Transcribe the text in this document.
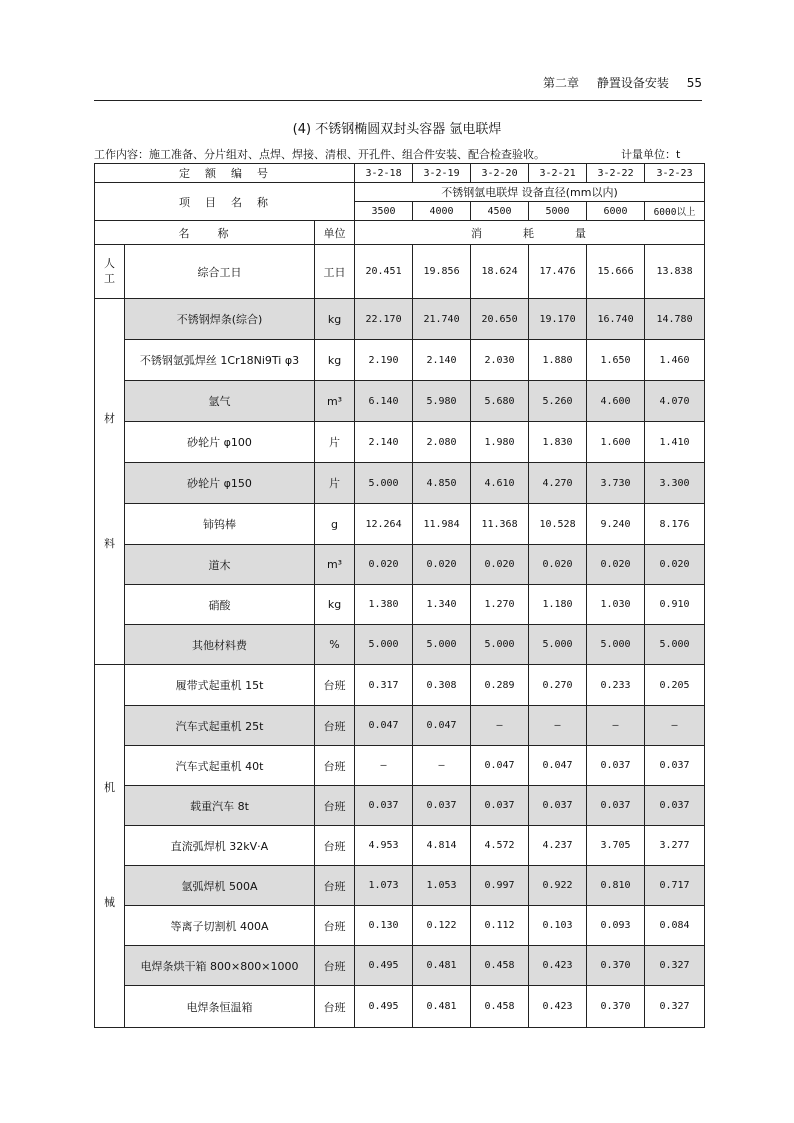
第二章 静置设备安装 55
(4) 不锈钢椭圆双封头容器 氩电联焊
工作内容：施工准备、分片组对、点焊、焊接、清根、开孔件、组合件安装、配合检查验收。	计量单位：t
定　额　编　号			3-2-18	3-2-19	3-2-20	3-2-21	3-2-22	3-2-23
项　目　名　称			不锈钢氩电联焊 设备直径(mm以内)					
			3500	4000	4500	5000	6000	6000以上
名　　称		单位	消　　　耗　　　量					

人
工	综合工日	工日	20.451	19.856	18.624	17.476	15.666	13.838

材
料	不锈钢焊条(综合)	kg	22.170	21.740	20.650	19.170	16.740	14.780
	不锈钢氩弧焊丝 1Cr18Ni9Ti φ3	kg	2.190	2.140	2.030	1.880	1.650	1.460
	氩气	m³	6.140	5.980	5.680	5.260	4.600	4.070
	砂轮片 φ100	片	2.140	2.080	1.980	1.830	1.600	1.410
	砂轮片 φ150	片	5.000	4.850	4.610	4.270	3.730	3.300
	铈钨棒	g	12.264	11.984	11.368	10.528	9.240	8.176
	道木	m³	0.020	0.020	0.020	0.020	0.020	0.020
	硝酸	kg	1.380	1.340	1.270	1.180	1.030	0.910
	其他材料费	%	5.000	5.000	5.000	5.000	5.000	5.000

机
械	履带式起重机 15t	台班	0.317	0.308	0.289	0.270	0.233	0.205
	汽车式起重机 25t	台班	0.047	0.047	—	—	—	—
	汽车式起重机 40t	台班	—	—	0.047	0.047	0.037	0.037
	载重汽车 8t	台班	0.037	0.037	0.037	0.037	0.037	0.037
	直流弧焊机 32kV·A	台班	4.953	4.814	4.572	4.237	3.705	3.277
	氩弧焊机 500A	台班	1.073	1.053	0.997	0.922	0.810	0.717
	等离子切割机 400A	台班	0.130	0.122	0.112	0.103	0.093	0.084
	电焊条烘干箱 800×800×1000	台班	0.495	0.481	0.458	0.423	0.370	0.327
	电焊条恒温箱	台班	0.495	0.481	0.458	0.423	0.370	0.327
